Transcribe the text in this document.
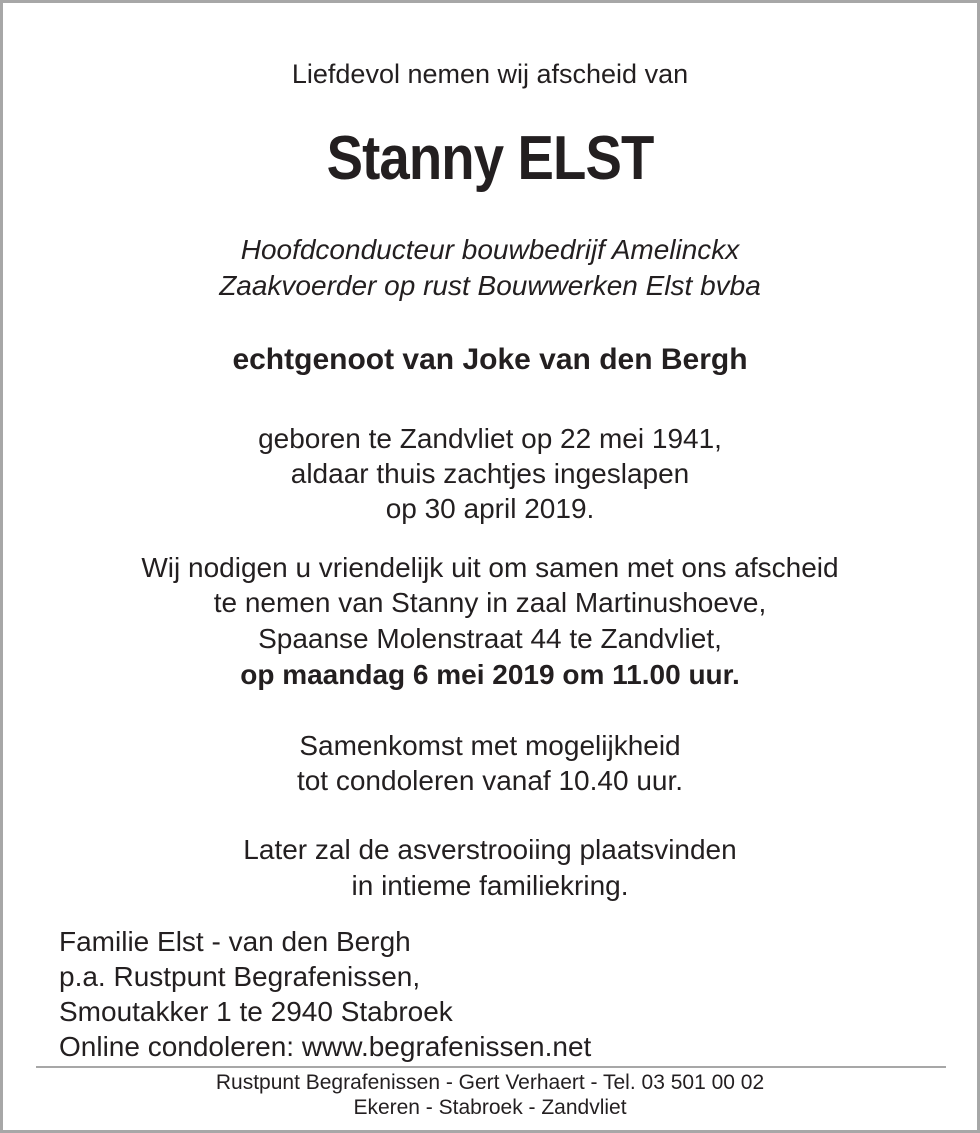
Liefdevol nemen wij afscheid van
Stanny ELST
Hoofdconducteur bouwbedrijf Amelinckx
Zaakvoerder op rust Bouwwerken Elst bvba
echtgenoot van Joke van den Bergh
geboren te Zandvliet op 22 mei 1941,
aldaar thuis zachtjes ingeslapen
op 30 april 2019.
Wij nodigen u vriendelijk uit om samen met ons afscheid
te nemen van Stanny in zaal Martinushoeve,
Spaanse Molenstraat 44 te Zandvliet,
op maandag 6 mei 2019 om 11.00 uur.
Samenkomst met mogelijkheid
tot condoleren vanaf 10.40 uur.
Later zal de asverstrooiing plaatsvinden
in intieme familiekring.
Familie Elst - van den Bergh
p.a. Rustpunt Begrafenissen,
Smoutakker 1 te 2940 Stabroek
Online condoleren: www.begrafenissen.net
Rustpunt Begrafenissen - Gert Verhaert - Tel. 03 501 00 02
Ekeren - Stabroek - Zandvliet
